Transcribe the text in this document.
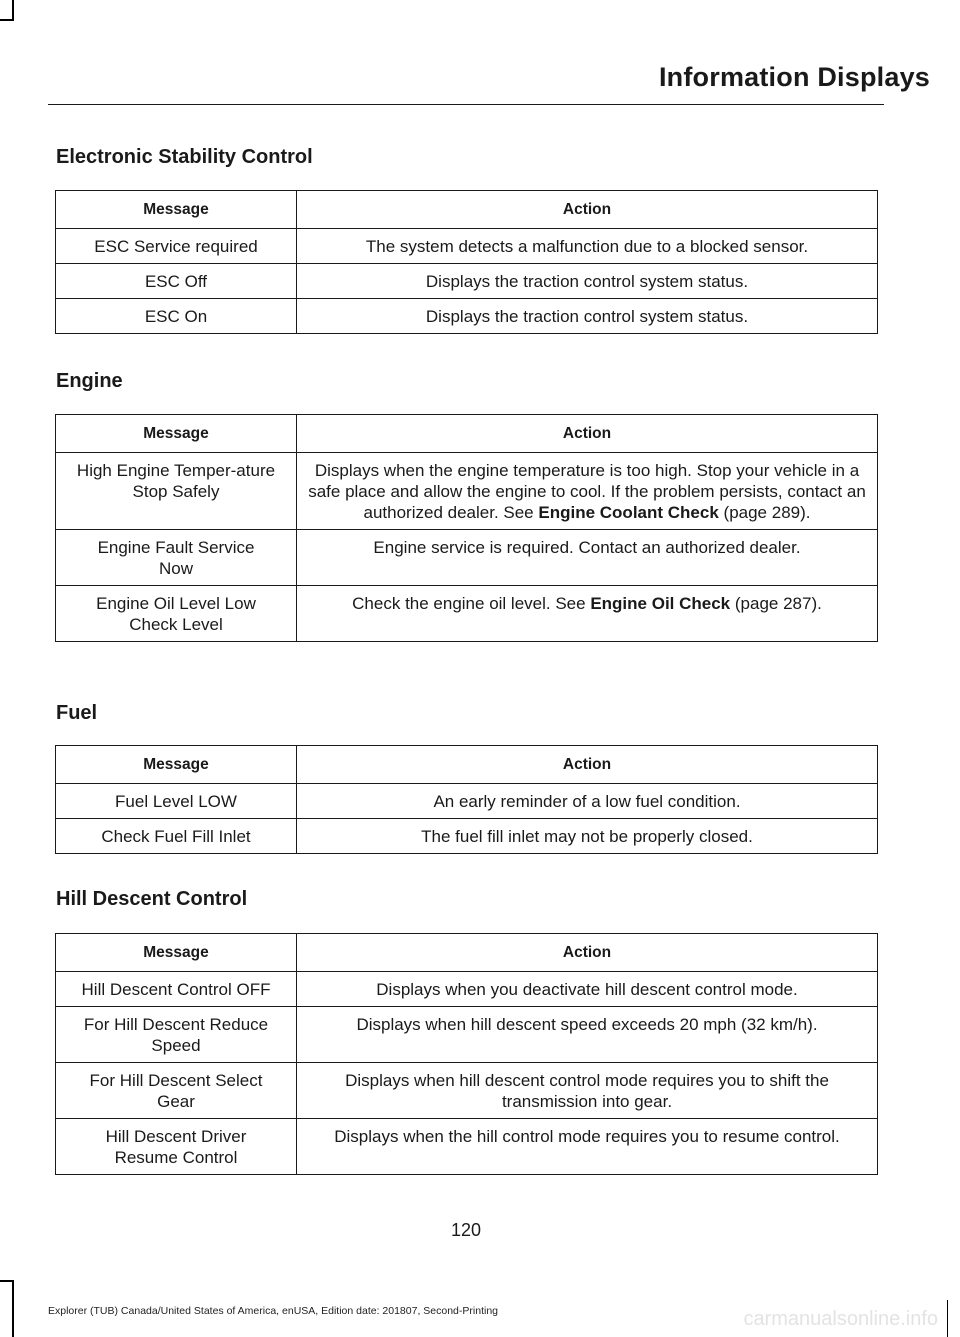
Information Displays
Electronic Stability Control
Message	Action
ESC Service required	The system detects a malfunction due to a blocked sensor.
ESC Off	Displays the traction control system status.
ESC On	Displays the traction control system status.
Engine
Message	Action
High Engine Temper-ature Stop Safely	Displays when the engine temperature is too high. Stop your vehicle in a safe place and allow the engine to cool. If the problem persists, contact an authorized dealer. See Engine Coolant Check (page 289).
Engine Fault Service Now	Engine service is required. Contact an authorized dealer.
Engine Oil Level Low Check Level	Check the engine oil level. See Engine Oil Check (page 287).
Fuel
Message	Action
Fuel Level LOW	An early reminder of a low fuel condition.
Check Fuel Fill Inlet	The fuel fill inlet may not be properly closed.
Hill Descent Control
Message	Action
Hill Descent Control OFF	Displays when you deactivate hill descent control mode.
For Hill Descent Reduce Speed	Displays when hill descent speed exceeds 20 mph (32 km/h).
For Hill Descent Select Gear	Displays when hill descent control mode requires you to shift the transmission into gear.
Hill Descent Driver Resume Control	Displays when the hill control mode requires you to resume control.
120
Explorer (TUB) Canada/United States of America, enUSA, Edition date: 201807, Second-Printing	carmanualsonline.info
